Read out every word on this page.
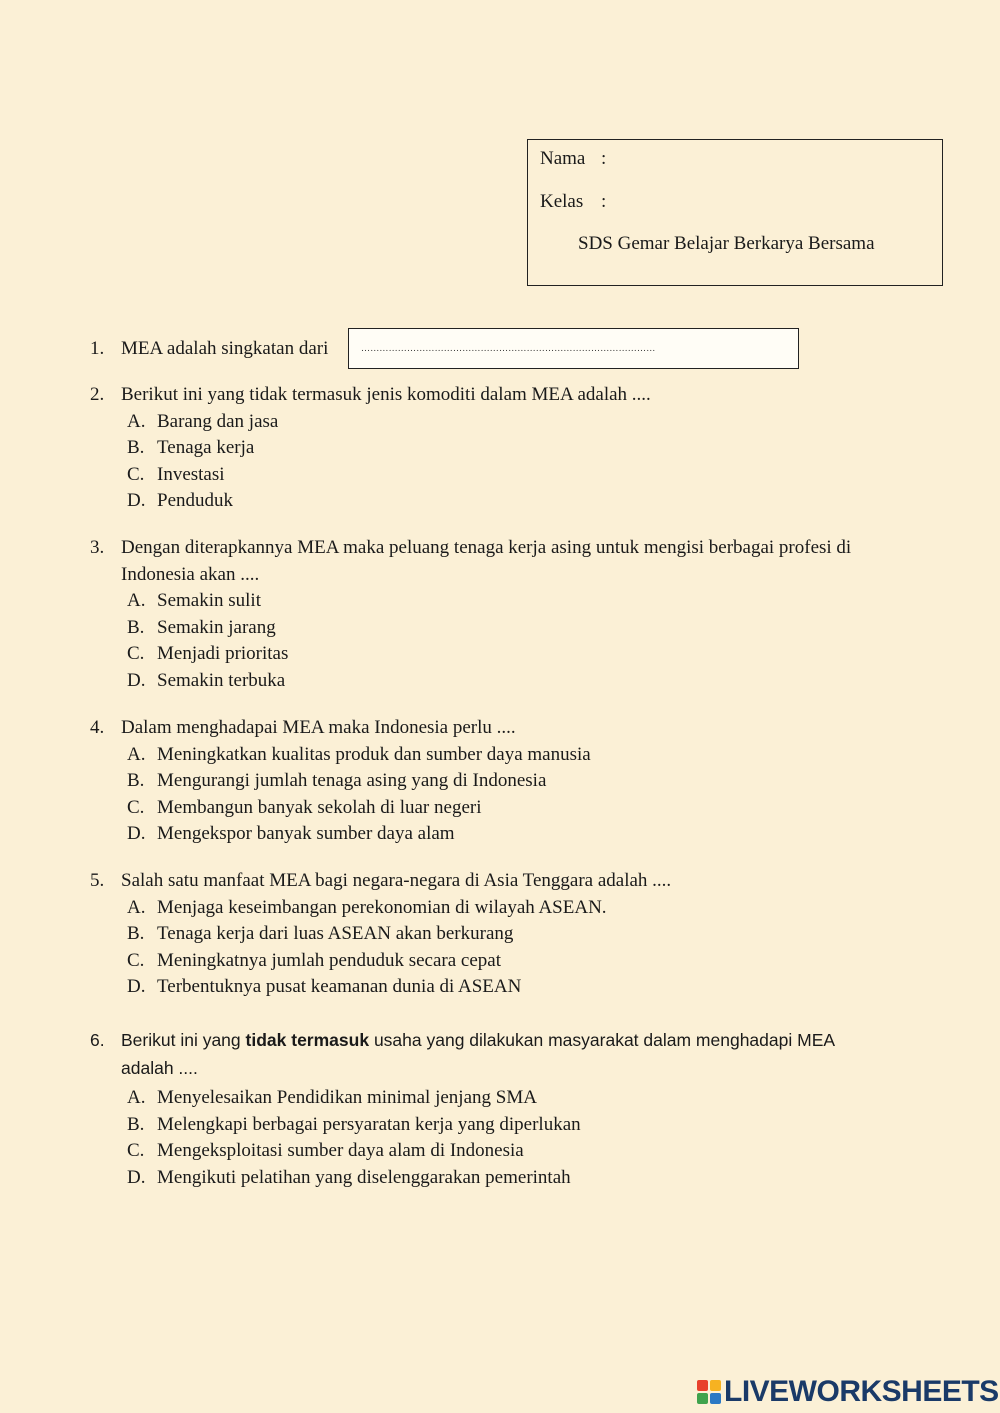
Nama :
Kelas :
SDS Gemar Belajar Berkarya Bersama
1. MEA adalah singkatan dari	……………………………………………………………………………………
2. Berikut ini yang tidak termasuk jenis komoditi dalam MEA adalah ....
A. Barang dan jasa
B. Tenaga kerja
C. Investasi
D. Penduduk
3. Dengan diterapkannya MEA maka peluang tenaga kerja asing untuk mengisi berbagai profesi di Indonesia akan ....
A. Semakin sulit
B. Semakin jarang
C. Menjadi prioritas
D. Semakin terbuka
4. Dalam menghadapai MEA maka Indonesia perlu ....
A. Meningkatkan kualitas produk dan sumber daya manusia
B. Mengurangi jumlah tenaga asing yang di Indonesia
C. Membangun banyak sekolah di luar negeri
D. Mengekspor banyak sumber daya alam
5. Salah satu manfaat MEA bagi negara-negara di Asia Tenggara adalah ....
A. Menjaga keseimbangan perekonomian di wilayah ASEAN.
B. Tenaga kerja dari luas ASEAN akan berkurang
C. Meningkatnya jumlah penduduk secara cepat
D. Terbentuknya pusat keamanan dunia di ASEAN
6. Berikut ini yang tidak termasuk usaha yang dilakukan masyarakat dalam menghadapi MEA adalah ....
A. Menyelesaikan Pendidikan minimal jenjang SMA
B. Melengkapi berbagai persyaratan kerja yang diperlukan
C. Mengeksploitasi sumber daya alam di Indonesia
D. Mengikuti pelatihan yang diselenggarakan pemerintah
LIVEWORKSHEETS
